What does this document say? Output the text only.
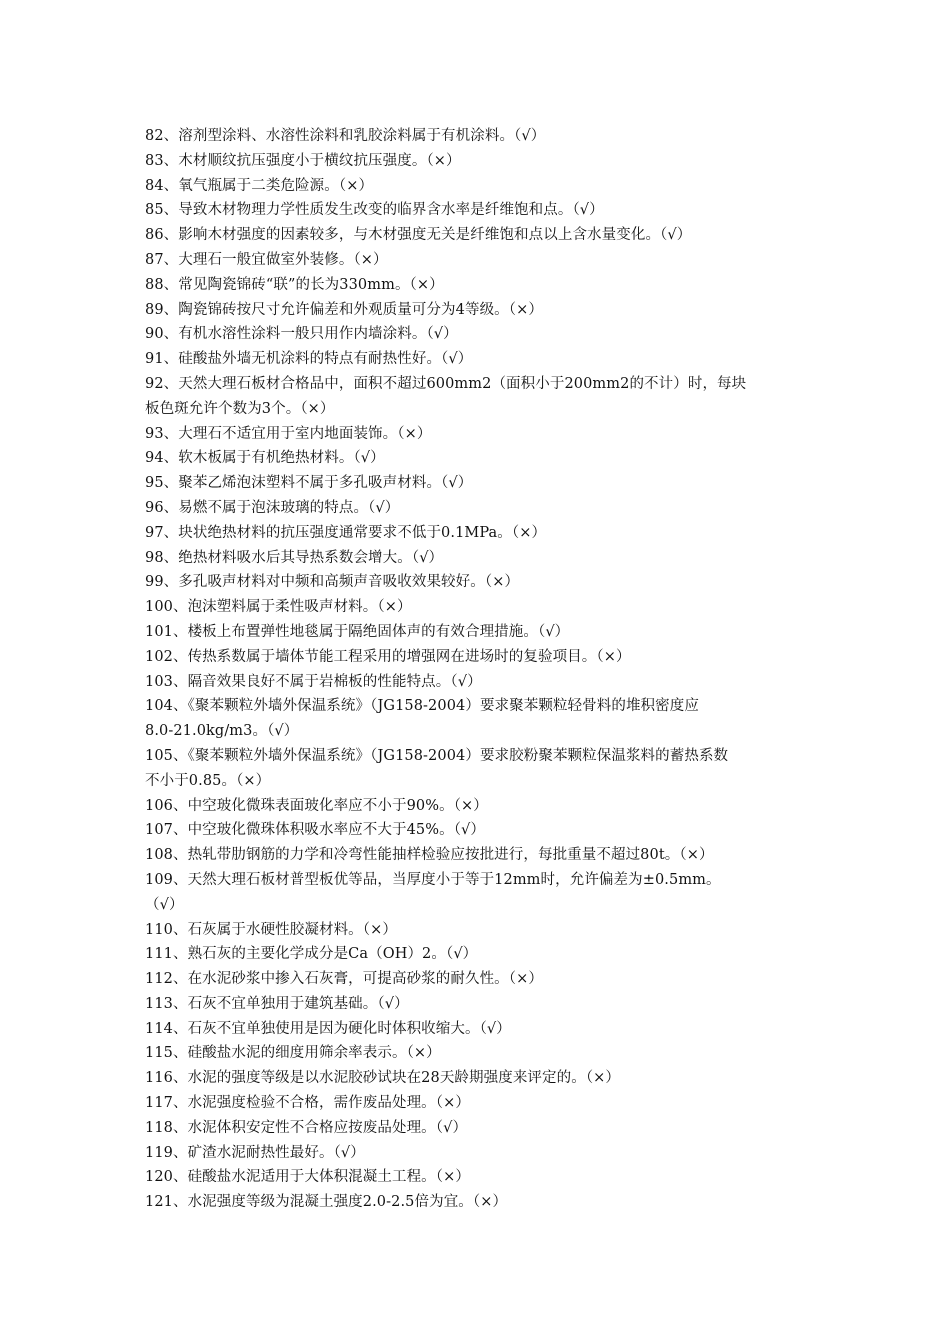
82、溶剂型涂料、水溶性涂料和乳胶涂料属于有机涂料。（√）
83、木材顺纹抗压强度小于横纹抗压强度。（×）
84、氧气瓶属于二类危险源。（×）
85、导致木材物理力学性质发生改变的临界含水率是纤维饱和点。（√）
86、影响木材强度的因素较多，与木材强度无关是纤维饱和点以上含水量变化。（√）
87、大理石一般宜做室外装修。（×）
88、常见陶瓷锦砖“联”的长为330mm。（×）
89、陶瓷锦砖按尺寸允许偏差和外观质量可分为4等级。（×）
90、有机水溶性涂料一般只用作内墙涂料。（√）
91、硅酸盐外墙无机涂料的特点有耐热性好。（√）
92、天然大理石板材合格品中，面积不超过600mm2（面积小于200mm2的不计）时，每块
板色斑允许个数为3个。（×）
93、大理石不适宜用于室内地面装饰。（×）
94、软木板属于有机绝热材料。（√）
95、聚苯乙烯泡沫塑料不属于多孔吸声材料。（√）
96、易燃不属于泡沫玻璃的特点。（√）
97、块状绝热材料的抗压强度通常要求不低于0.1MPa。（×）
98、绝热材料吸水后其导热系数会增大。（√）
99、多孔吸声材料对中频和高频声音吸收效果较好。（×）
100、泡沫塑料属于柔性吸声材料。（×）
101、楼板上布置弹性地毯属于隔绝固体声的有效合理措施。（√）
102、传热系数属于墙体节能工程采用的增强网在进场时的复验项目。（×）
103、隔音效果良好不属于岩棉板的性能特点。（√）
104、《聚苯颗粒外墙外保温系统》（JG158-2004）要求聚苯颗粒轻骨料的堆积密度应
8.0-21.0kg/m3。（√）
105、《聚苯颗粒外墙外保温系统》（JG158-2004）要求胶粉聚苯颗粒保温浆料的蓄热系数
不小于0.85。（×）
106、中空玻化微珠表面玻化率应不小于90%。（×）
107、中空玻化微珠体积吸水率应不大于45%。（√）
108、热轧带肋钢筋的力学和冷弯性能抽样检验应按批进行，每批重量不超过80t。（×）
109、天然大理石板材普型板优等品，当厚度小于等于12mm时，允许偏差为±0.5mm。
（√）
110、石灰属于水硬性胶凝材料。（×）
111、熟石灰的主要化学成分是Ca（OH）2。（√）
112、在水泥砂浆中掺入石灰膏，可提高砂浆的耐久性。（×）
113、石灰不宜单独用于建筑基础。（√）
114、石灰不宜单独使用是因为硬化时体积收缩大。（√）
115、硅酸盐水泥的细度用筛余率表示。（×）
116、水泥的强度等级是以水泥胶砂试块在28天龄期强度来评定的。（×）
117、水泥强度检验不合格，需作废品处理。（×）
118、水泥体积安定性不合格应按废品处理。（√）
119、矿渣水泥耐热性最好。（√）
120、硅酸盐水泥适用于大体积混凝土工程。（×）
121、水泥强度等级为混凝土强度2.0-2.5倍为宜。（×）
